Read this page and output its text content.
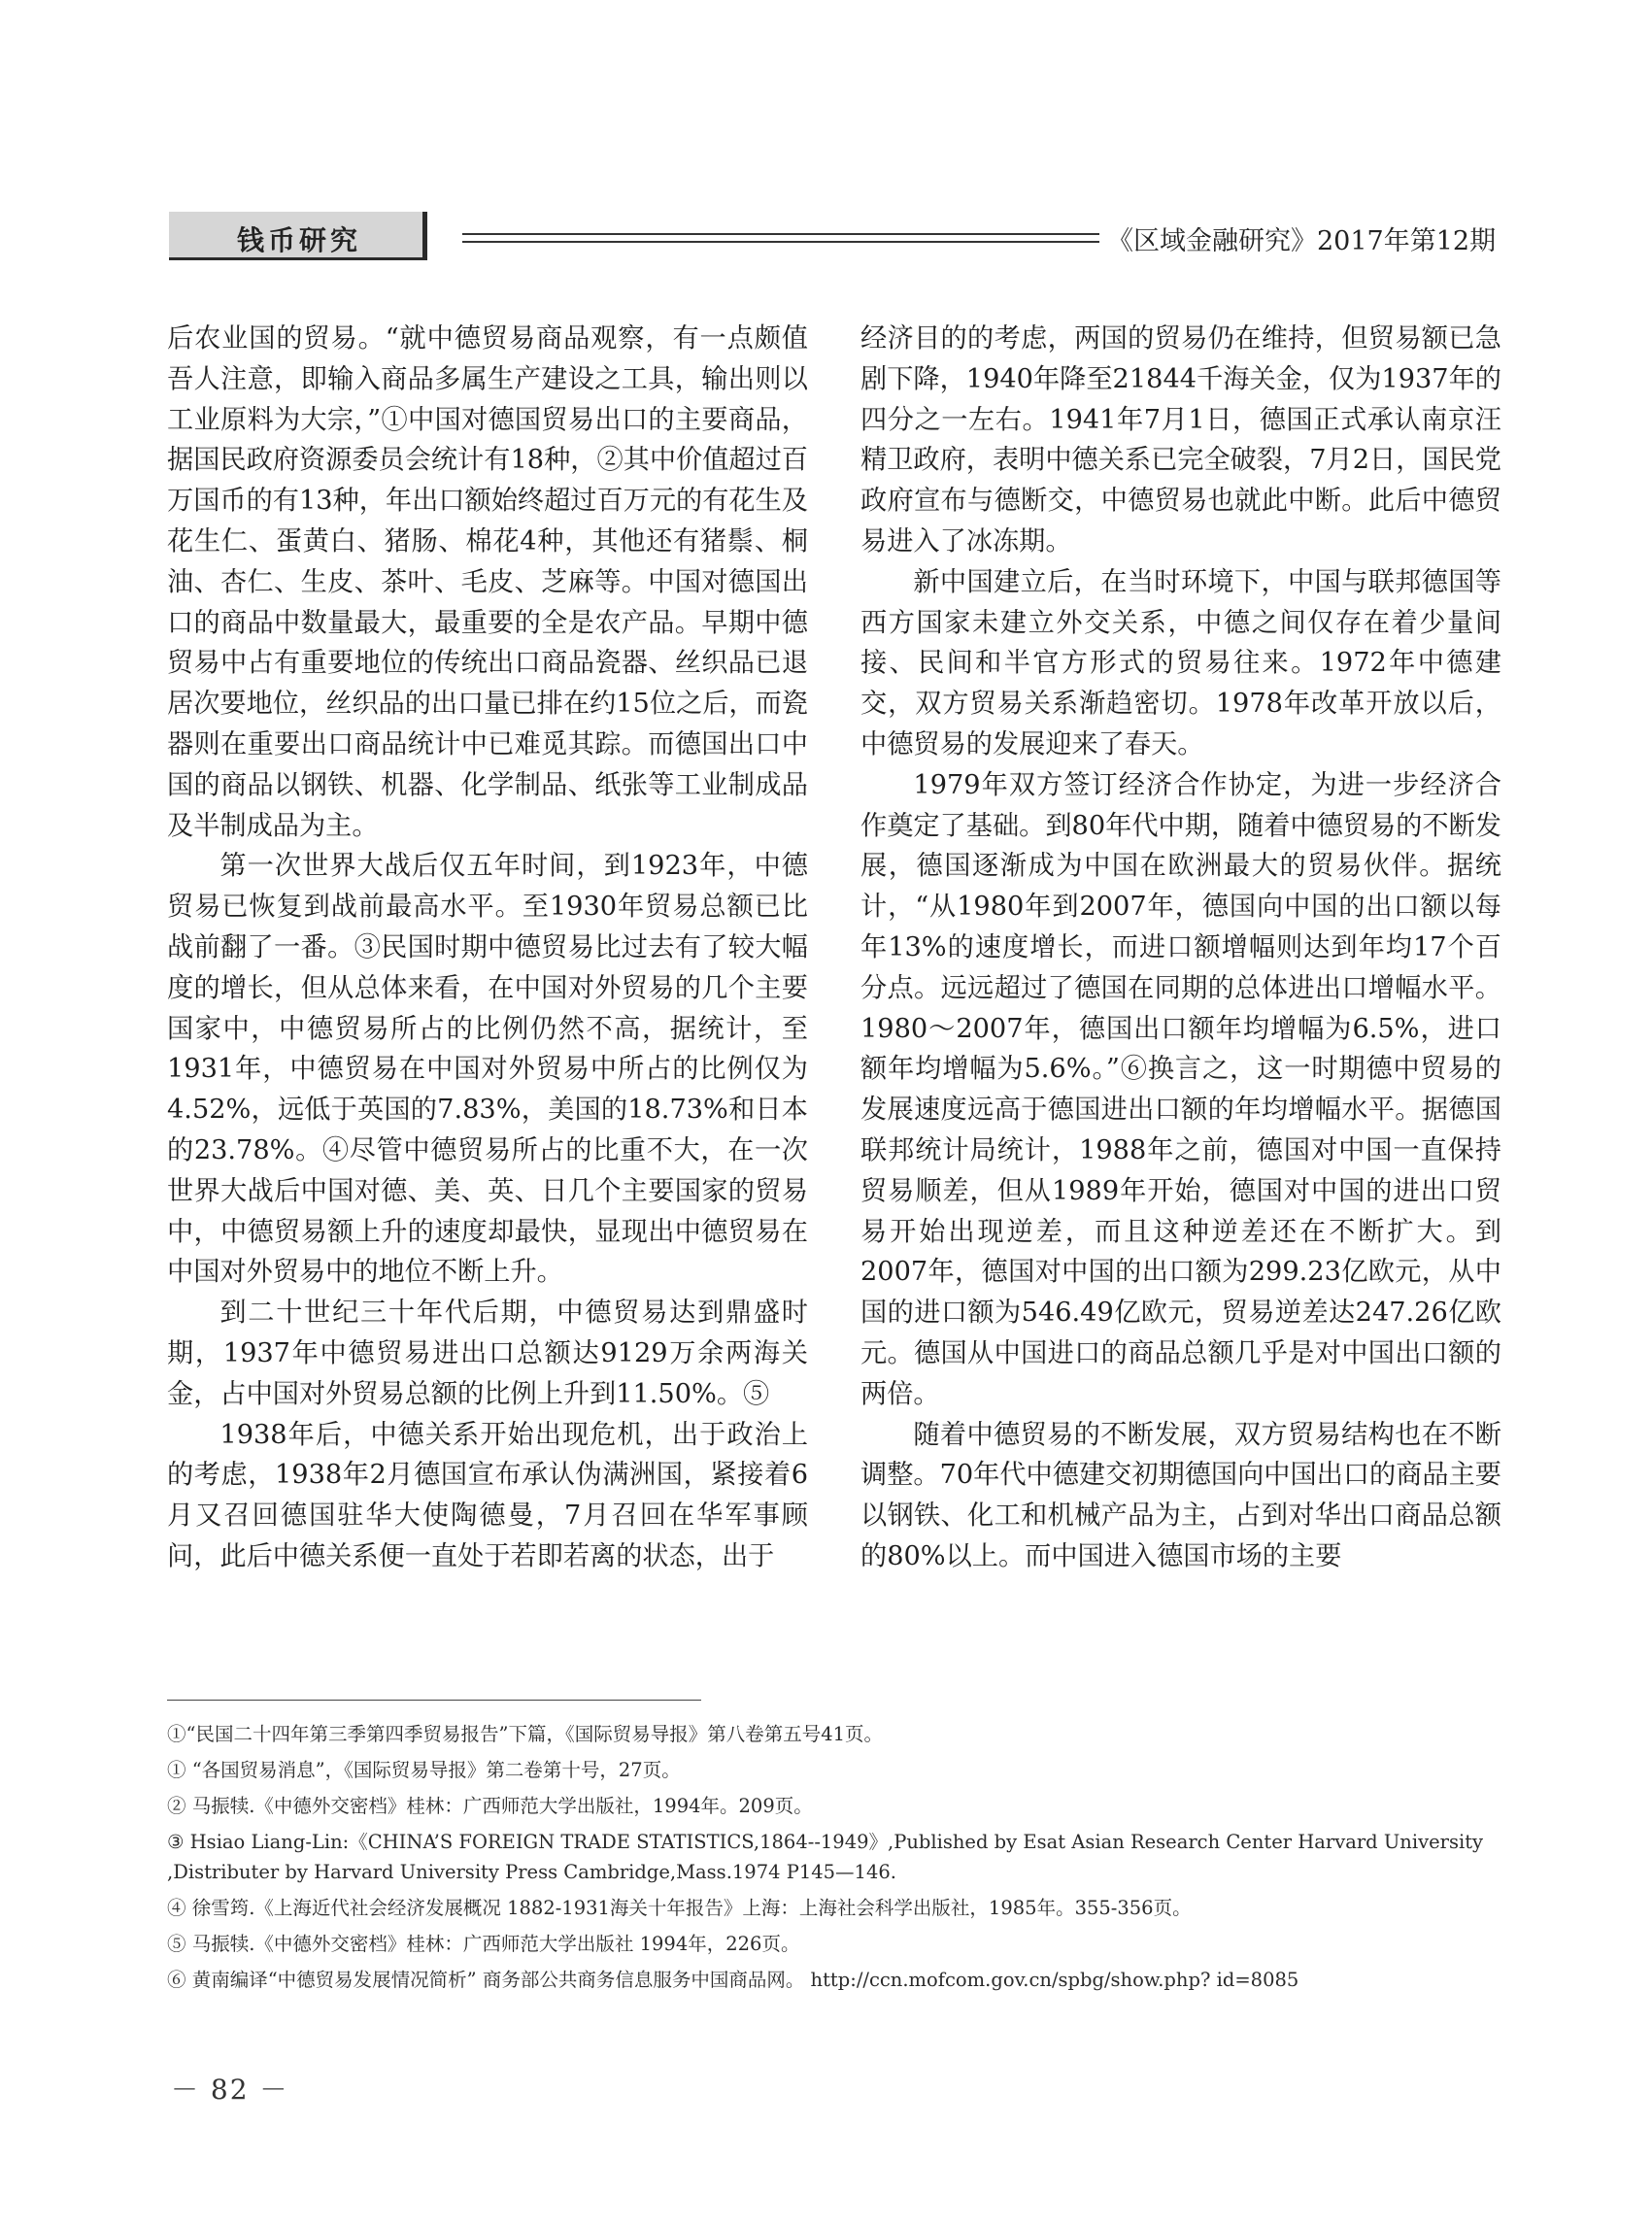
钱币研究	《区域金融研究》2017年第12期

后农业国的贸易。“就中德贸易商品观察，有一点颇值吾人注意，即输入商品多属生产建设之工具，输出则以工业原料为大宗，”①中国对德国贸易出口的主要商品，据国民政府资源委员会统计有18种，②其中价值超过百万国币的有13种，年出口额始终超过百万元的有花生及花生仁、蛋黄白、猪肠、棉花4种，其他还有猪鬃、桐油、杏仁、生皮、茶叶、毛皮、芝麻等。中国对德国出口的商品中数量最大，最重要的全是农产品。早期中德贸易中占有重要地位的传统出口商品瓷器、丝织品已退居次要地位，丝织品的出口量已排在约15位之后，而瓷器则在重要出口商品统计中已难觅其踪。而德国出口中国的商品以钢铁、机器、化学制品、纸张等工业制成品及半制成品为主。

第一次世界大战后仅五年时间，到1923年，中德贸易已恢复到战前最高水平。至1930年贸易总额已比战前翻了一番。③民国时期中德贸易比过去有了较大幅度的增长，但从总体来看，在中国对外贸易的几个主要国家中，中德贸易所占的比例仍然不高，据统计，至1931年，中德贸易在中国对外贸易中所占的比例仅为4.52%，远低于英国的7.83%，美国的18.73%和日本的23.78%。④尽管中德贸易所占的比重不大，在一次世界大战后中国对德、美、英、日几个主要国家的贸易中，中德贸易额上升的速度却最快，显现出中德贸易在中国对外贸易中的地位不断上升。

到二十世纪三十年代后期，中德贸易达到鼎盛时期，1937年中德贸易进出口总额达9129万余两海关金，占中国对外贸易总额的比例上升到11.50%。⑤

1938年后，中德关系开始出现危机，出于政治上的考虑，1938年2月德国宣布承认伪满洲国，紧接着6月又召回德国驻华大使陶德曼，7月召回在华军事顾问，此后中德关系便一直处于若即若离的状态，出于

经济目的的考虑，两国的贸易仍在维持，但贸易额已急剧下降，1940年降至21844千海关金，仅为1937年的四分之一左右。1941年7月1日，德国正式承认南京汪精卫政府，表明中德关系已完全破裂，7月2日，国民党政府宣布与德断交，中德贸易也就此中断。此后中德贸易进入了冰冻期。

新中国建立后，在当时环境下，中国与联邦德国等西方国家未建立外交关系，中德之间仅存在着少量间接、民间和半官方形式的贸易往来。1972年中德建交，双方贸易关系渐趋密切。1978年改革开放以后，中德贸易的发展迎来了春天。

1979年双方签订经济合作协定，为进一步经济合作奠定了基础。到80年代中期，随着中德贸易的不断发展，德国逐渐成为中国在欧洲最大的贸易伙伴。据统计，“从1980年到2007年，德国向中国的出口额以每年13%的速度增长，而进口额增幅则达到年均17个百分点。远远超过了德国在同期的总体进出口增幅水平。1980～2007年，德国出口额年均增幅为6.5%，进口额年均增幅为5.6%。”⑥换言之，这一时期德中贸易的发展速度远高于德国进出口额的年均增幅水平。据德国联邦统计局统计，1988年之前，德国对中国一直保持贸易顺差，但从1989年开始，德国对中国的进出口贸易开始出现逆差，而且这种逆差还在不断扩大。到2007年，德国对中国的出口额为299.23亿欧元，从中国的进口额为546.49亿欧元，贸易逆差达247.26亿欧元。德国从中国进口的商品总额几乎是对中国出口额的两倍。

随着中德贸易的不断发展，双方贸易结构也在不断调整。70年代中德建交初期德国向中国出口的商品主要以钢铁、化工和机械产品为主，占到对华出口商品总额的80%以上。而中国进入德国市场的主要

①“民国二十四年第三季第四季贸易报告”下篇，《国际贸易导报》第八卷第五号41页。
① “各国贸易消息”，《国际贸易导报》第二卷第十号，27页。
② 马振犊.《中德外交密档》桂林：广西师范大学出版社，1994年。209页。
③ Hsiao Liang-Lin:《CHINA’S FOREIGN TRADE STATISTICS,1864--1949》,Published by Esat Asian Research Center Harvard University ,Distributer by Harvard University Press Cambridge,Mass.1974 P145—146.
④ 徐雪筠.《上海近代社会经济发展概况 1882-1931海关十年报告》上海：上海社会科学出版社，1985年。355-356页。
⑤ 马振犊.《中德外交密档》桂林：广西师范大学出版社 1994年，226页。
⑥ 黄南编译“中德贸易发展情况简析” 商务部公共商务信息服务中国商品网。 http://ccn.mofcom.gov.cn/spbg/show.php? id=8085
－ 82 －
